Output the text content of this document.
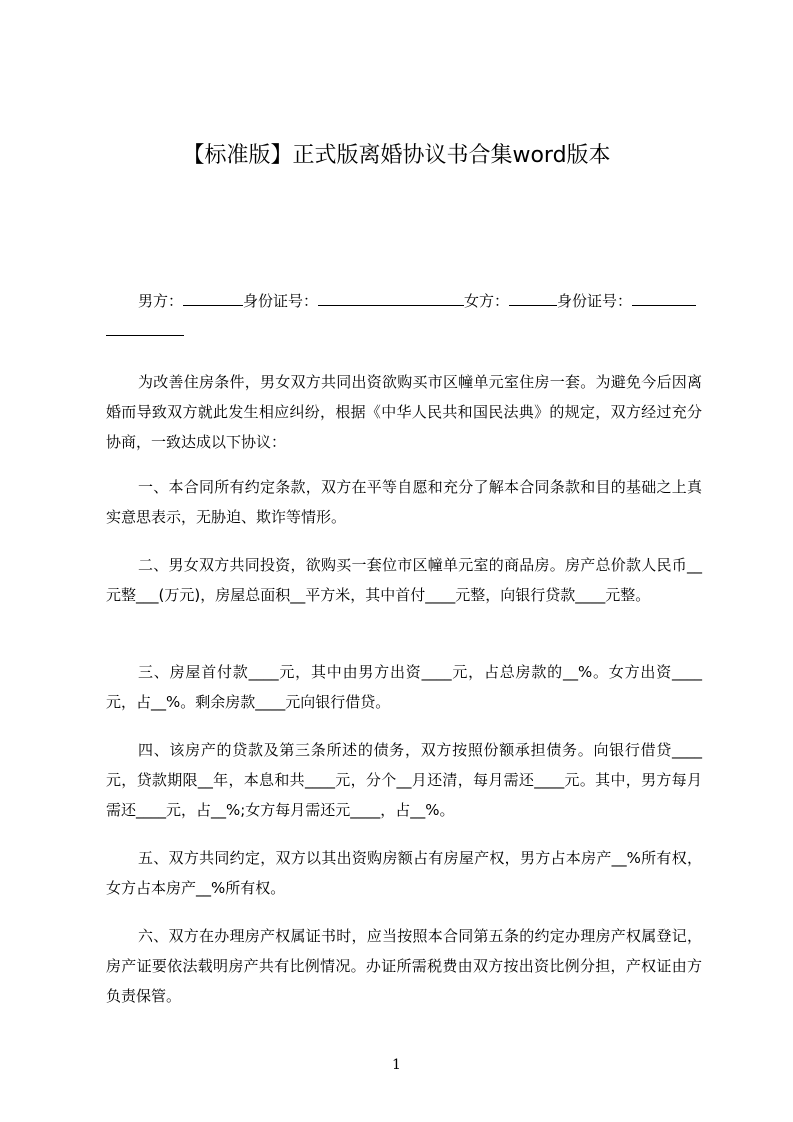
【标准版】正式版离婚协议书合集word版本
男方：	身份证号：	女方：	身份证号：

为改善住房条件，男女双方共同出资欲购买市区幢单元室住房一套。为避免今后因离婚而导致双方就此发生相应纠纷，根据《中华人民共和国民法典》的规定，双方经过充分协商，一致达成以下协议：

一、本合同所有约定条款，双方在平等自愿和充分了解本合同条款和目的基础之上真实意思表示，无胁迫、欺诈等情形。

二、男女双方共同投资，欲购买一套位市区幢单元室的商品房。房产总价款人民币__元整___(万元)，房屋总面积__平方米，其中首付____元整，向银行贷款____元整。

三、房屋首付款____元，其中由男方出资____元，占总房款的__%。女方出资____元，占__%。剩余房款____元向银行借贷。

四、该房产的贷款及第三条所述的债务，双方按照份额承担债务。向银行借贷____元，贷款期限__年，本息和共____元，分个__月还清，每月需还____元。其中，男方每月需还____元，占__%;女方每月需还元____，占__%。

五、双方共同约定，双方以其出资购房额占有房屋产权，男方占本房产__%所有权，女方占本房产__%所有权。

六、双方在办理房产权属证书时，应当按照本合同第五条的约定办理房产权属登记，房产证要依法载明房产共有比例情况。办证所需税费由双方按出资比例分担，产权证由方负责保管。

1
